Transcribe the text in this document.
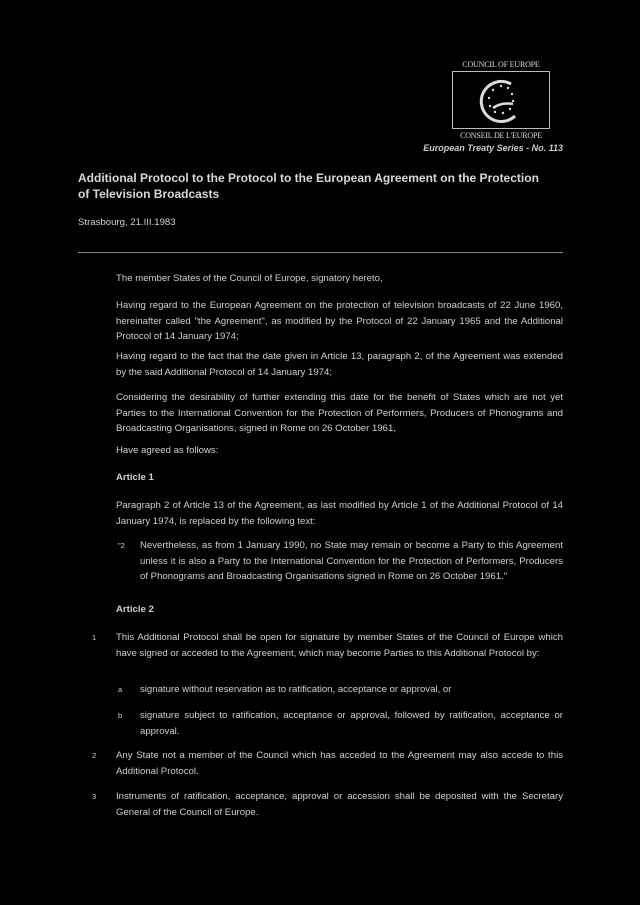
COUNCIL OF EUROPE
CONSEIL DE L'EUROPE
European Treaty Series - No. 113
Additional Protocol to the Protocol to the European Agreement on the Protection of Television Broadcasts
Strasbourg, 21.III.1983
The member States of the Council of Europe, signatory hereto,
Having regard to the European Agreement on the protection of television broadcasts of 22 June 1960, hereinafter called "the Agreement", as modified by the Protocol of 22 January 1965 and the Additional Protocol of 14 January 1974;
Having regard to the fact that the date given in Article 13, paragraph 2, of the Agreement was extended by the said Additional Protocol of 14 January 1974;
Considering the desirability of further extending this date for the benefit of States which are not yet Parties to the International Convention for the Protection of Performers, Producers of Phonograms and Broadcasting Organisations, signed in Rome on 26 October 1961,
Have agreed as follows:
Article 1
Paragraph 2 of Article 13 of the Agreement, as last modified by Article 1 of the Additional Protocol of 14 January 1974, is replaced by the following text:
"2 Nevertheless, as from 1 January 1990, no State may remain or become a Party to this Agreement unless it is also a Party to the International Convention for the Protection of Performers, Producers of Phonograms and Broadcasting Organisations signed in Rome on 26 October 1961."
Article 2
1 This Additional Protocol shall be open for signature by member States of the Council of Europe which have signed or acceded to the Agreement, which may become Parties to this Additional Protocol by:
a signature without reservation as to ratification, acceptance or approval, or
b signature subject to ratification, acceptance or approval, followed by ratification, acceptance or approval.
2 Any State not a member of the Council which has acceded to the Agreement may also accede to this Additional Protocol.
3 Instruments of ratification, acceptance, approval or accession shall be deposited with the Secretary General of the Council of Europe.
